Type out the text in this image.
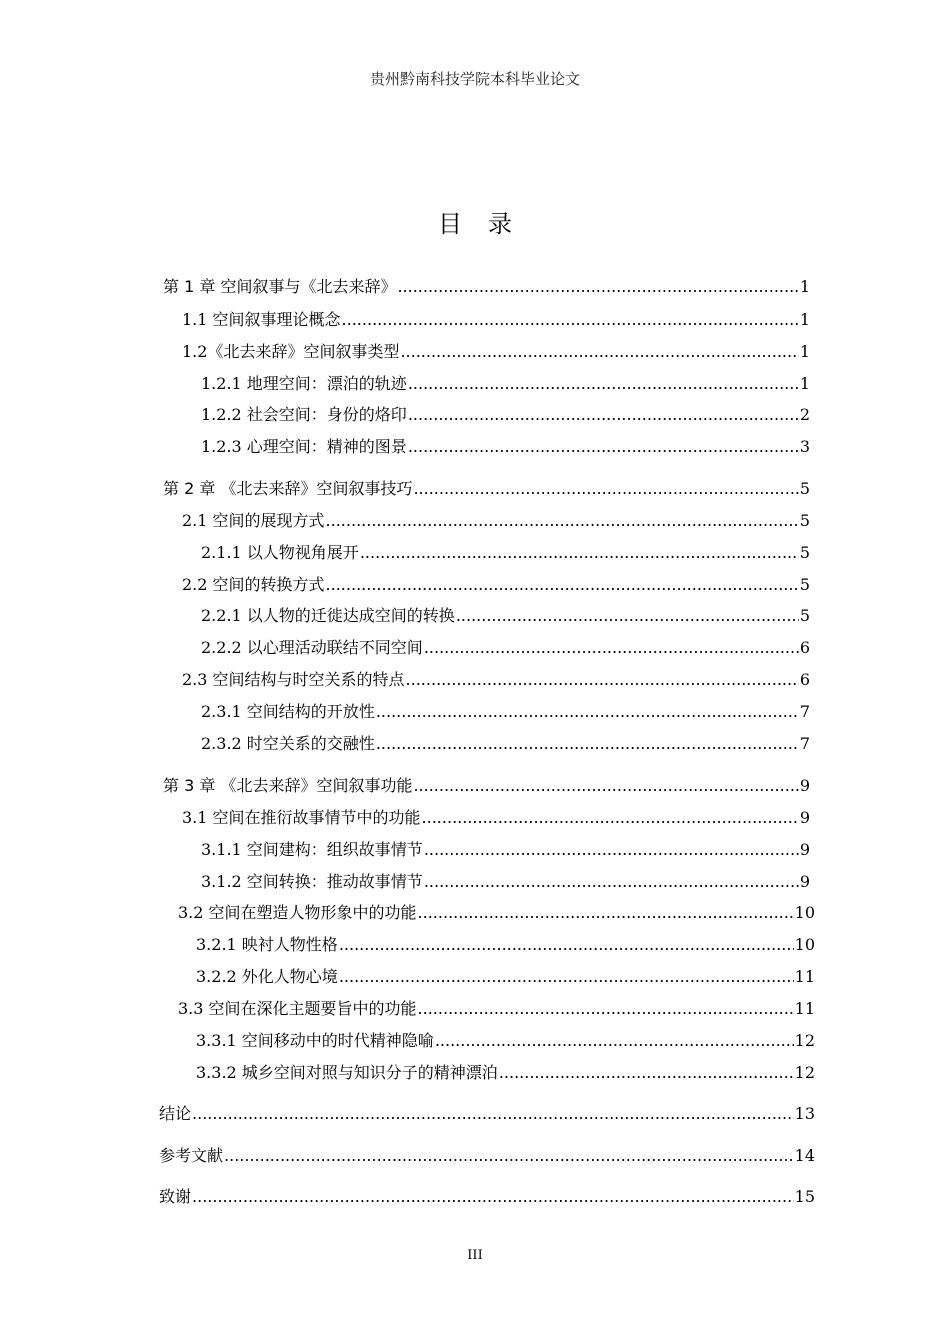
贵州黔南科技学院本科毕业论文
目录
第 1 章 空间叙事与《北去来辞》 .....	1
1.1 空间叙事理论概念 .....	1
1.2《北去来辞》空间叙事类型 .....	1
1.2.1 地理空间：漂泊的轨迹 .....	1
1.2.2 社会空间：身份的烙印 .....	2
1.2.3 心理空间：精神的图景 .....	3
第 2 章 《北去来辞》空间叙事技巧 .....	5
2.1 空间的展现方式 .....	5
2.1.1 以人物视角展开 .....	5
2.2 空间的转换方式 .....	5
2.2.1 以人物的迁徙达成空间的转换 .....	5
2.2.2 以心理活动联结不同空间 .....	6
2.3 空间结构与时空关系的特点 .....	6
2.3.1 空间结构的开放性 .....	7
2.3.2 时空关系的交融性 .....	7
第 3 章 《北去来辞》空间叙事功能 .....	9
3.1 空间在推衍故事情节中的功能 .....	9
3.1.1 空间建构：组织故事情节 .....	9
3.1.2 空间转换：推动故事情节 .....	9
3.2 空间在塑造人物形象中的功能 .....	10
3.2.1 映衬人物性格 .....	10
3.2.2 外化人物心境 .....	11
3.3 空间在深化主题要旨中的功能 .....	11
3.3.1 空间移动中的时代精神隐喻 .....	12
3.3.2 城乡空间对照与知识分子的精神漂泊 .....	12
结论 .....	13
参考文献 .....	14
致谢 .....	15
III
